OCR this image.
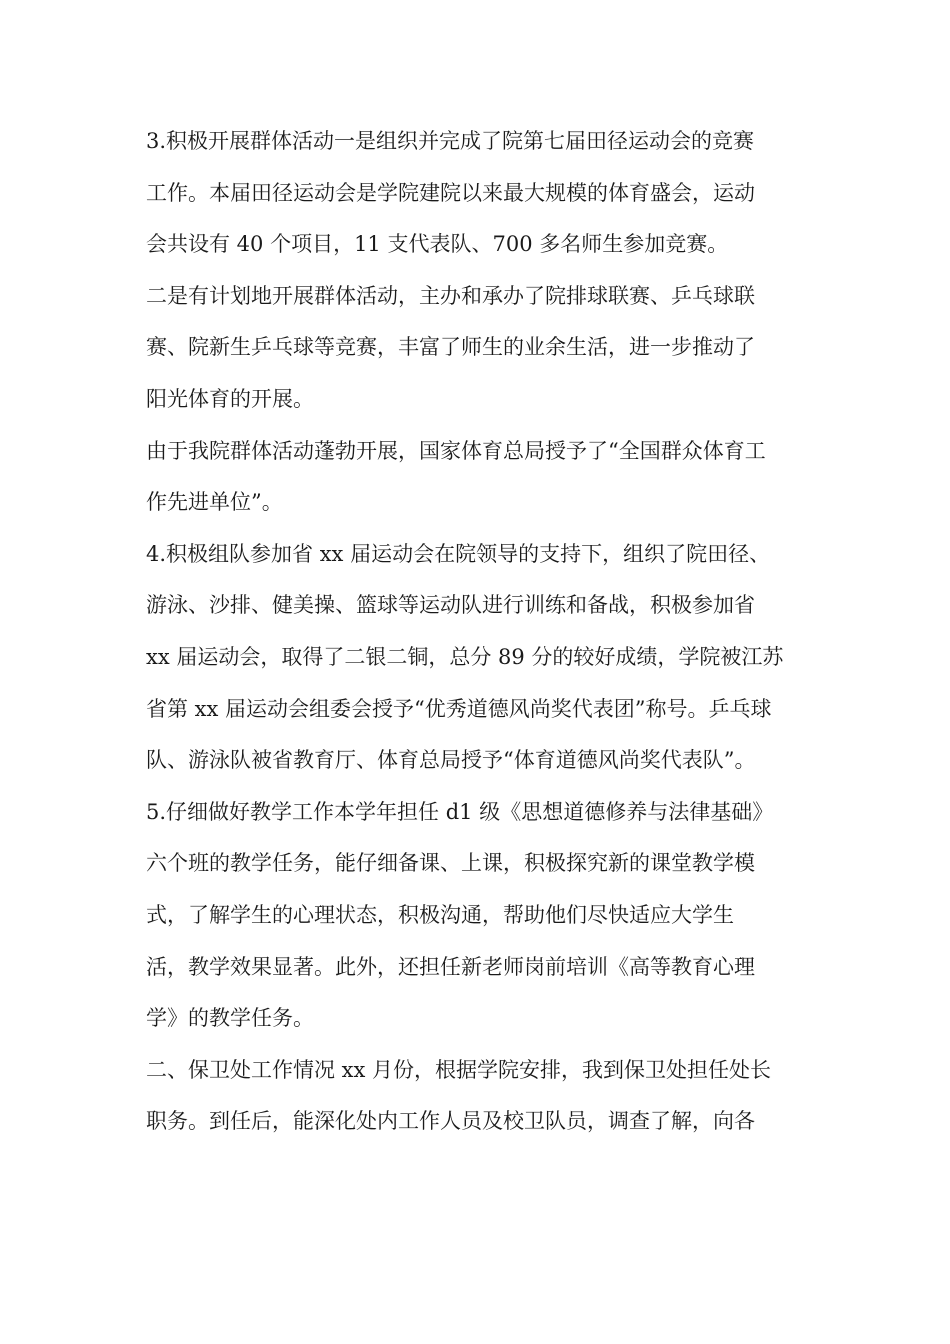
3.积极开展群体活动一是组织并完成了院第七届田径运动会的竞赛
工作。本届田径运动会是学院建院以来最大规模的体育盛会，运动
会共设有 40 个项目，11 支代表队、700 多名师生参加竞赛。
二是有计划地开展群体活动，主办和承办了院排球联赛、乒乓球联
赛、院新生乒乓球等竞赛，丰富了师生的业余生活，进一步推动了
阳光体育的开展。
由于我院群体活动蓬勃开展，国家体育总局授予了“全国群众体育工
作先进单位”。
4.积极组队参加省 xx 届运动会在院领导的支持下，组织了院田径、
游泳、沙排、健美操、篮球等运动队进行训练和备战，积极参加省
xx 届运动会，取得了二银二铜，总分 89 分的较好成绩，学院被江苏
省第 xx 届运动会组委会授予“优秀道德风尚奖代表团”称号。乒乓球
队、游泳队被省教育厅、体育总局授予“体育道德风尚奖代表队”。
5.仔细做好教学工作本学年担任 d1 级《思想道德修养与法律基础》
六个班的教学任务，能仔细备课、上课，积极探究新的课堂教学模
式，了解学生的心理状态，积极沟通，帮助他们尽快适应大学生
活，教学效果显著。此外，还担任新老师岗前培训《高等教育心理
学》的教学任务。
二、保卫处工作情况 xx 月份，根据学院安排，我到保卫处担任处长
职务。到任后，能深化处内工作人员及校卫队员，调查了解，向各
